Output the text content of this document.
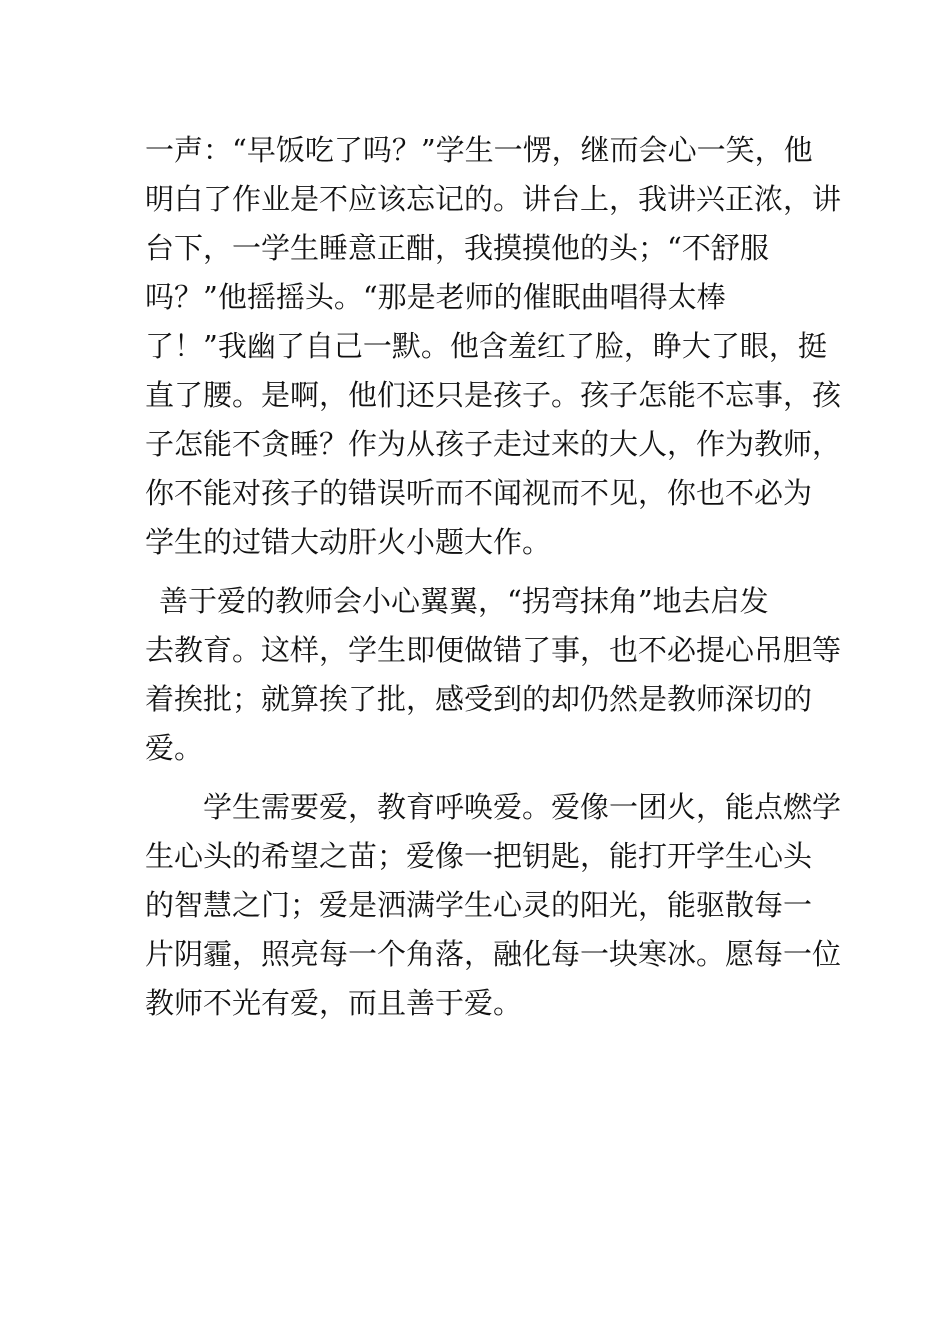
一声：“早饭吃了吗？”学生一愣，继而会心一笑，他
明白了作业是不应该忘记的。讲台上，我讲兴正浓，讲
台下，一学生睡意正酣，我摸摸他的头；“不舒服
吗？”他摇摇头。“那是老师的催眠曲唱得太棒
了！”我幽了自己一默。他含羞红了脸，睁大了眼，挺
直了腰。是啊，他们还只是孩子。孩子怎能不忘事，孩
子怎能不贪睡？作为从孩子走过来的大人，作为教师，
你不能对孩子的错误听而不闻视而不见，你也不必为
学生的过错大动肝火小题大作。
善于爱的教师会小心翼翼，“拐弯抹角”地去启发
去教育。这样，学生即便做错了事，也不必提心吊胆等
着挨批；就算挨了批，感受到的却仍然是教师深切的
爱。
学生需要爱，教育呼唤爱。爱像一团火，能点燃学
生心头的希望之苗；爱像一把钥匙，能打开学生心头
的智慧之门；爱是洒满学生心灵的阳光，能驱散每一
片阴霾，照亮每一个角落，融化每一块寒冰。愿每一位
教师不光有爱，而且善于爱。
